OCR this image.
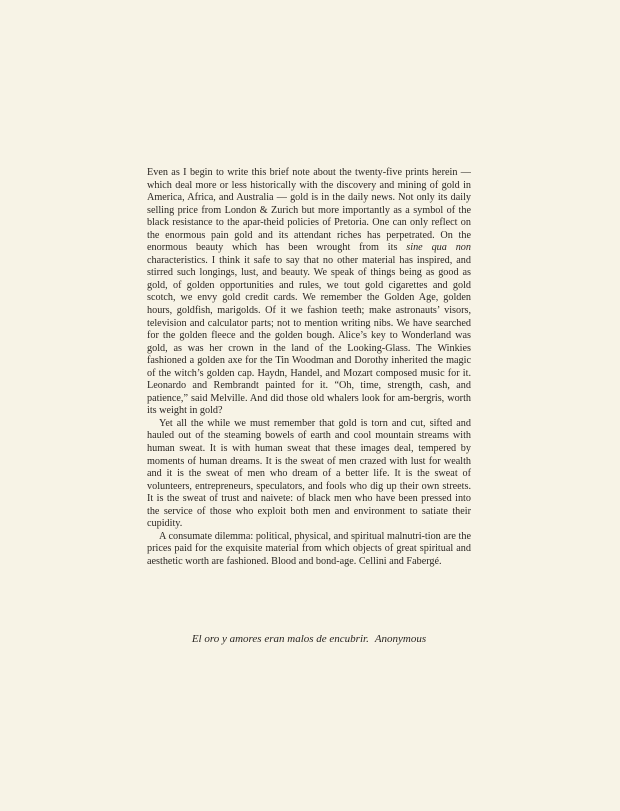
Even as I begin to write this brief note about the twenty-five prints herein — which deal more or less historically with the discovery and mining of gold in America, Africa, and Australia — gold is in the daily news. Not only its daily selling price from London & Zurich but more importantly as a symbol of the black resistance to the apar-theid policies of Pretoria. One can only reflect on the enormous pain gold and its attendant riches has perpetrated. On the enormous beauty which has been wrought from its sine qua non characteristics. I think it safe to say that no other material has inspired, and stirred such longings, lust, and beauty. We speak of things being as good as gold, of golden opportunities and rules, we tout gold cigarettes and gold scotch, we envy gold credit cards. We remember the Golden Age, golden hours, goldfish, marigolds. Of it we fashion teeth; make astronauts’ visors, television and calculator parts; not to mention writing nibs. We have searched for the golden fleece and the golden bough. Alice’s key to Wonderland was gold, as was her crown in the land of the Looking-Glass. The Winkies fashioned a golden axe for the Tin Woodman and Dorothy inherited the magic of the witch’s golden cap. Haydn, Handel, and Mozart composed music for it. Leonardo and Rembrandt painted for it. “Oh, time, strength, cash, and patience,” said Melville. And did those old whalers look for am-bergris, worth its weight in gold?

Yet all the while we must remember that gold is torn and cut, sifted and hauled out of the steaming bowels of earth and cool mountain streams with human sweat. It is with human sweat that these images deal, tempered by moments of human dreams. It is the sweat of men crazed with lust for wealth and it is the sweat of men who dream of a better life. It is the sweat of volunteers, entrepreneurs, speculators, and fools who dig up their own streets. It is the sweat of trust and naivete: of black men who have been pressed into the service of those who exploit both men and environment to satiate their cupidity.

A consumate dilemma: political, physical, and spiritual malnutri-tion are the prices paid for the exquisite material from which objects of great spiritual and aesthetic worth are fashioned. Blood and bond-age. Cellini and Fabergé.

El oro y amores eran malos de encubrir. Anonymous
